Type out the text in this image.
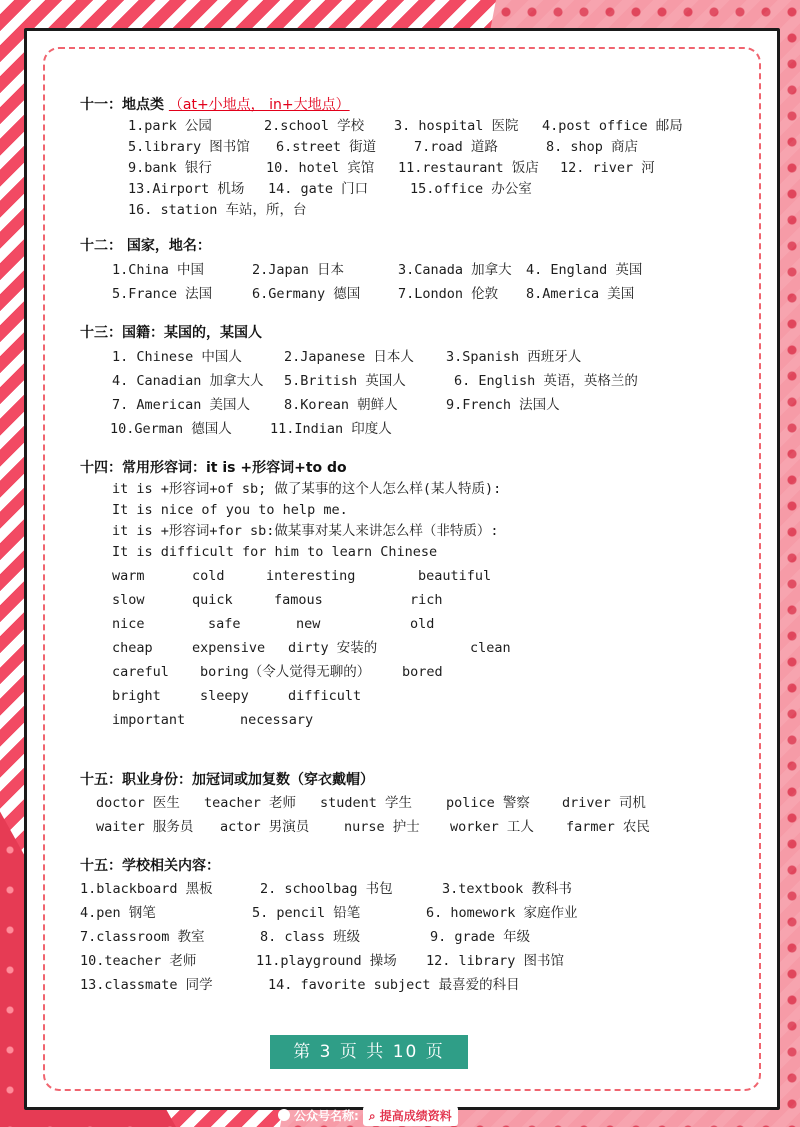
十一：地点类 （at+小地点， in+大地点）
1.park 公园	2.school 学校 3. hospital 医院 4.post office 邮局
5.library 图书馆 6.street 街道	7.road 道路	8. shop 商店
9.bank 银行	10. hotel 宾馆 11.restaurant 饭店 12. river 河
13.Airport 机场 14. gate 门口	15.office 办公室
16. station 车站，所，台
十二： 国家，地名：
1.China 中国	2.Japan 日本	3.Canada 加拿大 4. England 英国
5.France 法国	6.Germany 德国	7.London 伦敦 8.America 美国
十三：国籍：某国的，某国人
1. Chinese 中国人	2.Japanese 日本人 3.Spanish 西班牙人
4. Canadian 加拿大人 5.British 英国人	6. English 英语，英格兰的
7. American 美国人	8.Korean 朝鲜人	9.French 法国人
10.German 德国人	11.Indian 印度人
十四：常用形容词：it is +形容词+to do
it is +形容词+of sb; 做了某事的这个人怎么样(某人特质):
It is nice of you to help me.
it is +形容词+for sb:做某事对某人来讲怎么样（非特质）:
It is difficult for him to learn Chinese
warm	cold	interesting	beautiful
slow	quick	famous	rich
nice	safe	new	old
cheap	expensive dirty 安装的	clean
careful boring（令人觉得无聊的） bored
bright	sleepy	difficult
important	necessary
十五：职业身份：加冠词或加复数（穿衣戴帽）
doctor 医生 teacher 老师 student 学生	police 警察 driver 司机
waiter 服务员 actor 男演员	nurse 护士 worker 工人 farmer 农民
十五：学校相关内容：
1.blackboard 黑板	2. schoolbag 书包	3.textbook 教科书
4.pen 钢笔	5. pencil 铅笔	6. homework 家庭作业
7.classroom 教室	8. class 班级	9. grade 年级
10.teacher 老师	11.playground 操场 12. library 图书馆
13.classmate 同学	14. favorite subject 最喜爱的科目
第 3 页 共 10 页
公众号名称: ⌕ 提高成绩资料
